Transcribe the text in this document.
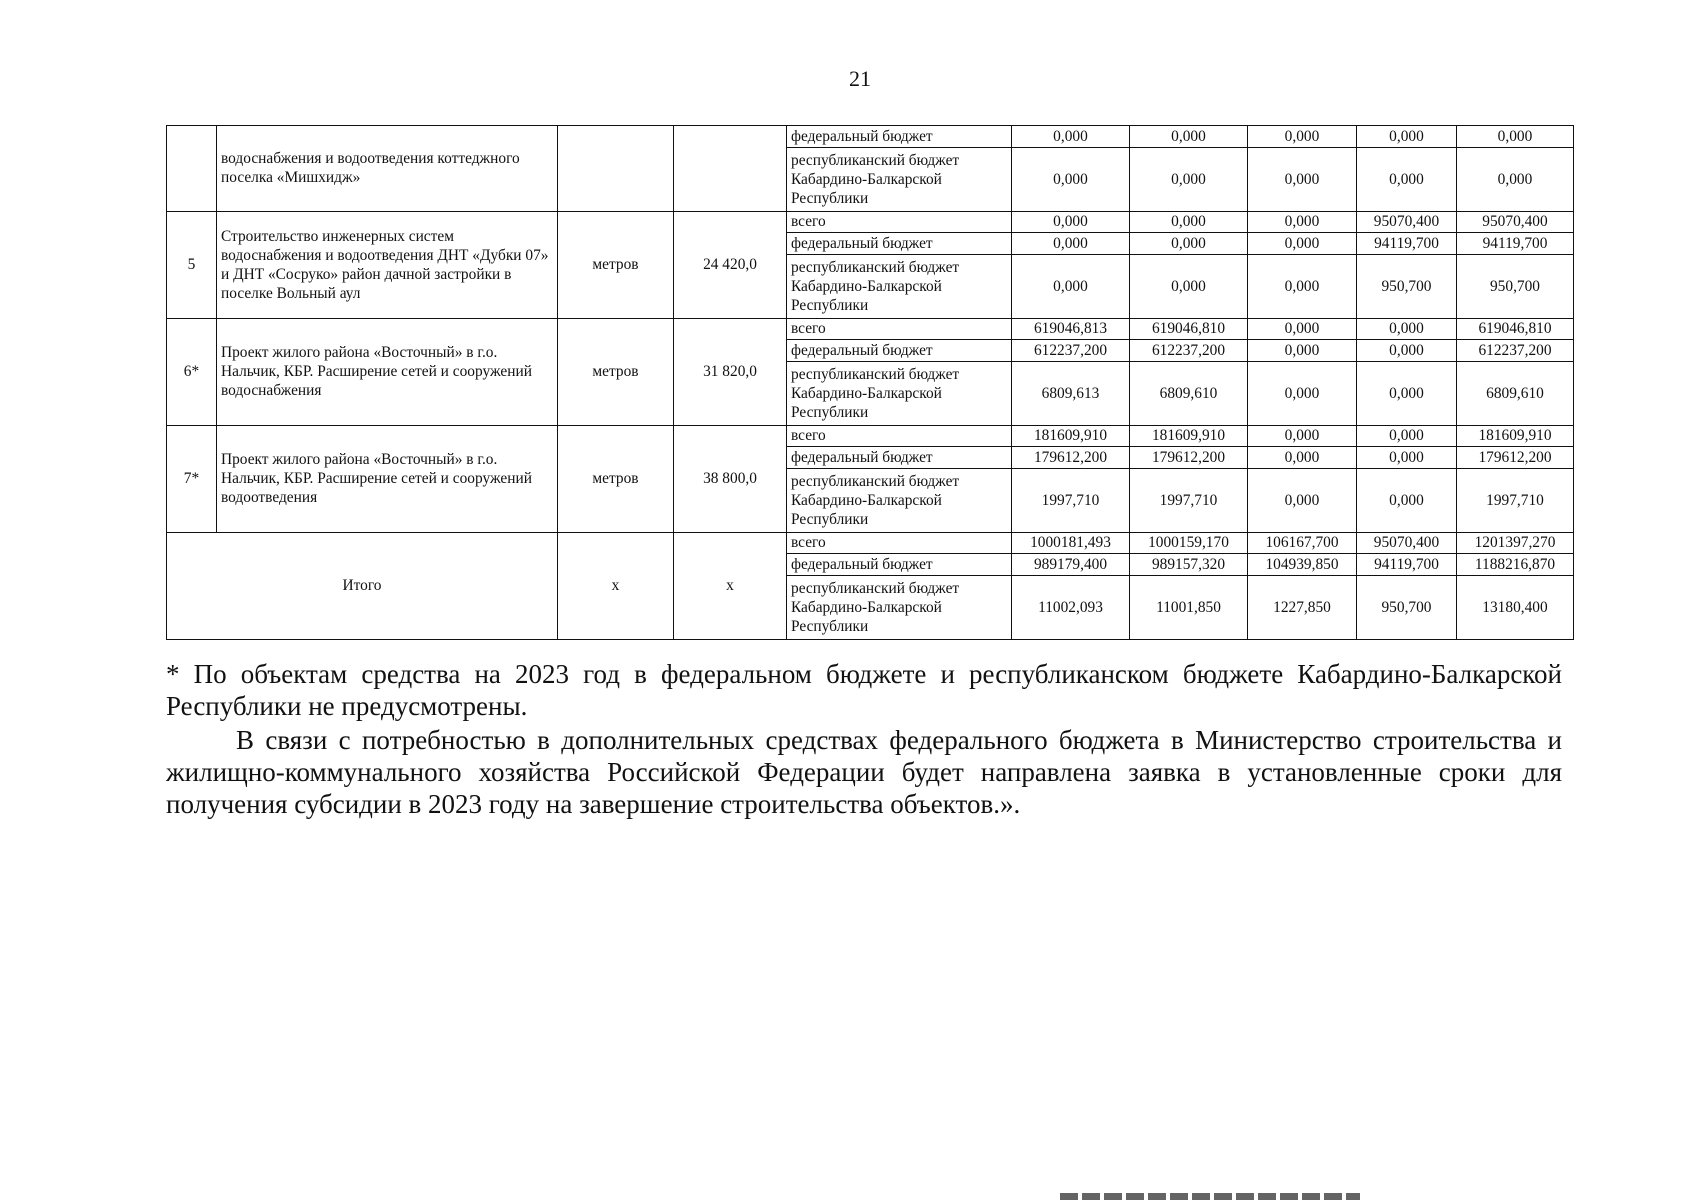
21
	водоснабжения и водоотведения коттеджного поселка «Мишхидж»			федеральный бюджет	0,000	0,000	0,000	0,000	0,000
				республиканский бюджет Кабардино-Балкарской Республики	0,000	0,000	0,000	0,000	0,000
5	Строительство инженерных систем водоснабжения и водоотведения ДНТ «Дубки 07» и ДНТ «Сосруко» район дачной застройки в поселке Вольный аул	метров	24 420,0	всего	0,000	0,000	0,000	95070,400	95070,400
				федеральный бюджет	0,000	0,000	0,000	94119,700	94119,700
				республиканский бюджет Кабардино-Балкарской Республики	0,000	0,000	0,000	950,700	950,700
6*	Проект жилого района «Восточный» в г.о. Нальчик, КБР. Расширение сетей и сооружений водоснабжения	метров	31 820,0	всего	619046,813	619046,810	0,000	0,000	619046,810
				федеральный бюджет	612237,200	612237,200	0,000	0,000	612237,200
				республиканский бюджет Кабардино-Балкарской Республики	6809,613	6809,610	0,000	0,000	6809,610
7*	Проект жилого района «Восточный» в г.о. Нальчик, КБР. Расширение сетей и сооружений водоотведения	метров	38 800,0	всего	181609,910	181609,910	0,000	0,000	181609,910
				федеральный бюджет	179612,200	179612,200	0,000	0,000	179612,200
				республиканский бюджет Кабардино-Балкарской Республики	1997,710	1997,710	0,000	0,000	1997,710
Итого		х	х	всего	1000181,493	1000159,170	106167,700	95070,400	1201397,270
				федеральный бюджет	989179,400	989157,320	104939,850	94119,700	1188216,870
				республиканский бюджет Кабардино-Балкарской Республики	11002,093	11001,850	1227,850	950,700	13180,400

* По объектам средства на 2023 год в федеральном бюджете и республиканском бюджете Кабардино-Балкарской Республики не предусмотрены.

В связи с потребностью в дополнительных средствах федерального бюджета в Министерство строительства и жилищно-коммунального хозяйства Российской Федерации будет направлена заявка в установленные сроки для получения субсидии в 2023 году на завершение строительства объектов.».
